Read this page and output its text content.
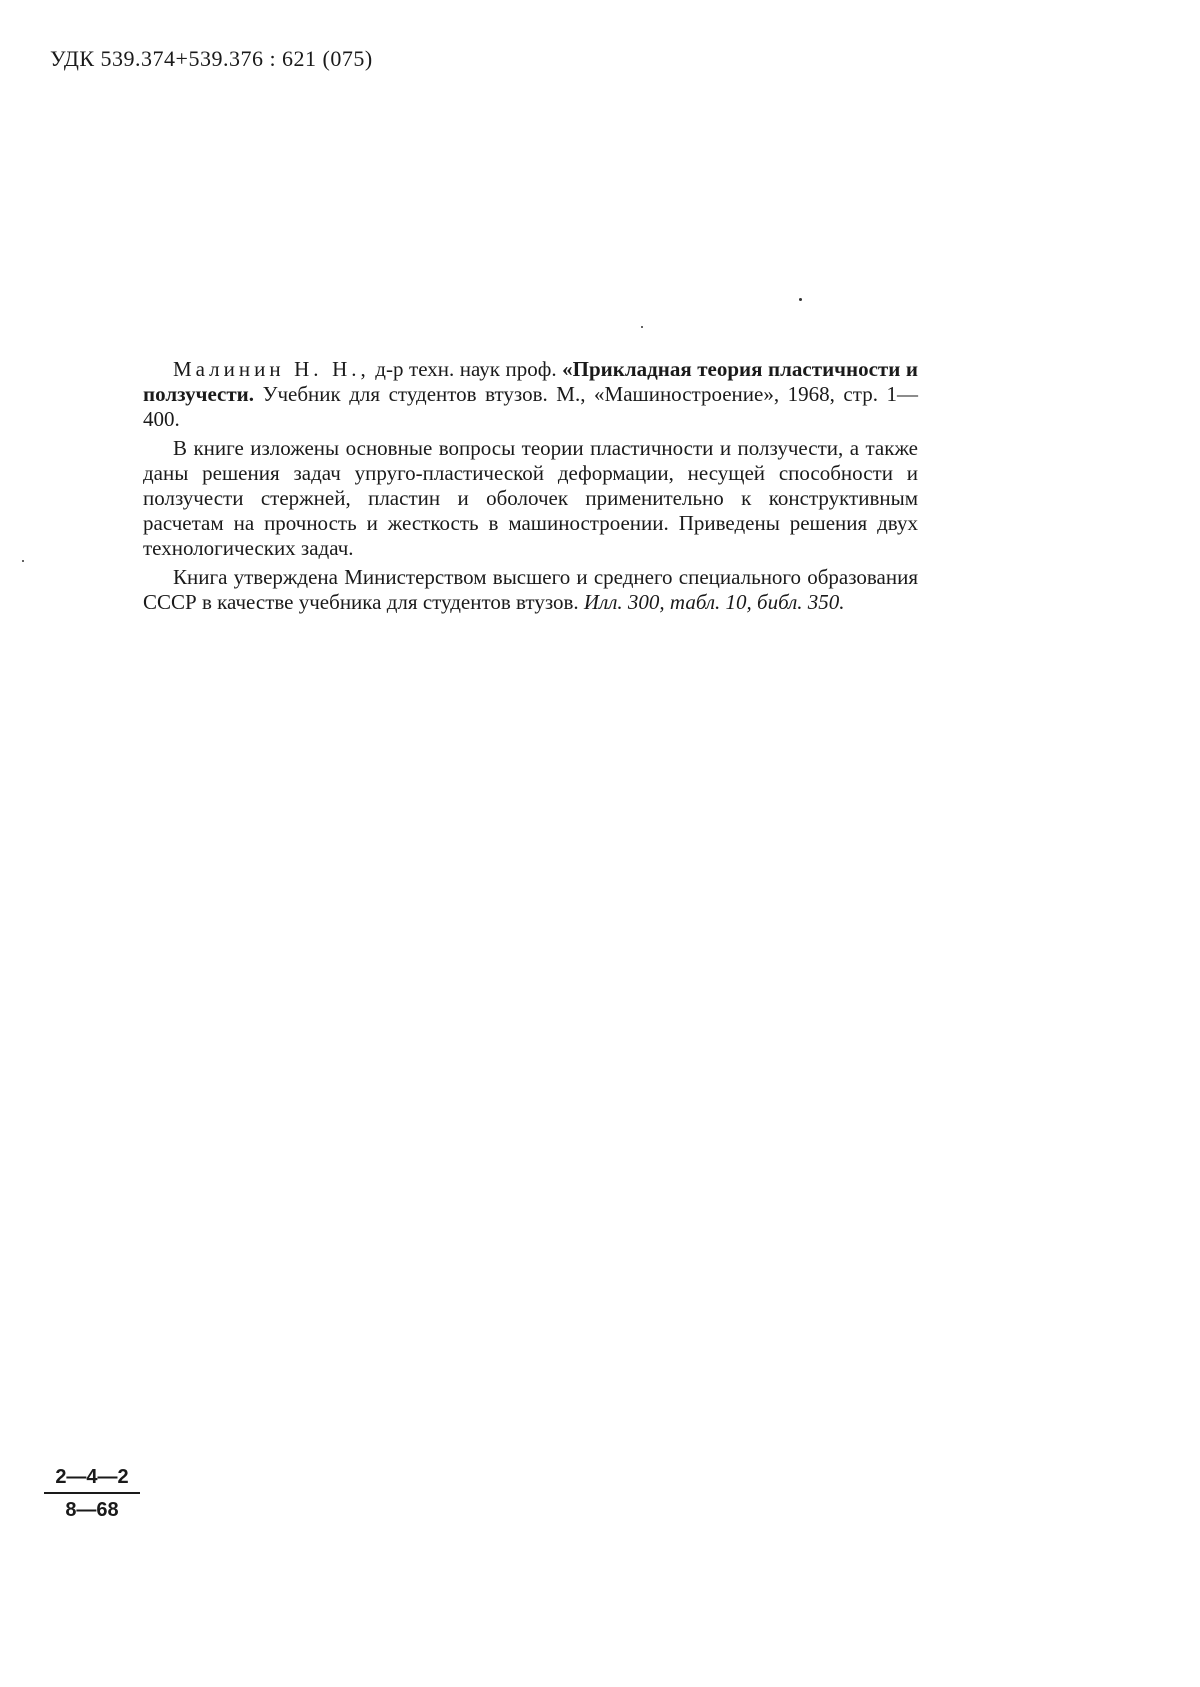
УДК 539.374+539.376 : 621 (075)

Малинин Н. Н., д-р техн. наук проф. «Прикладная теория пластичности и ползучести. Учебник для студентов втузов. М., «Машиностроение», 1968, стр. 1—400.

В книге изложены основные вопросы теории пластичности и ползучести, а также даны решения задач упруго-пластической деформации, несущей способности и ползучести стержней, пластин и оболочек применительно к конструктивным расчетам на прочность и жесткость в машиностроении. Приведены решения двух технологических задач.

Книга утверждена Министерством высшего и среднего специального образования СССР в качестве учебника для студентов втузов. Илл. 300, табл. 10, библ. 350.

$\frac{2—4—2}{8—68}$
